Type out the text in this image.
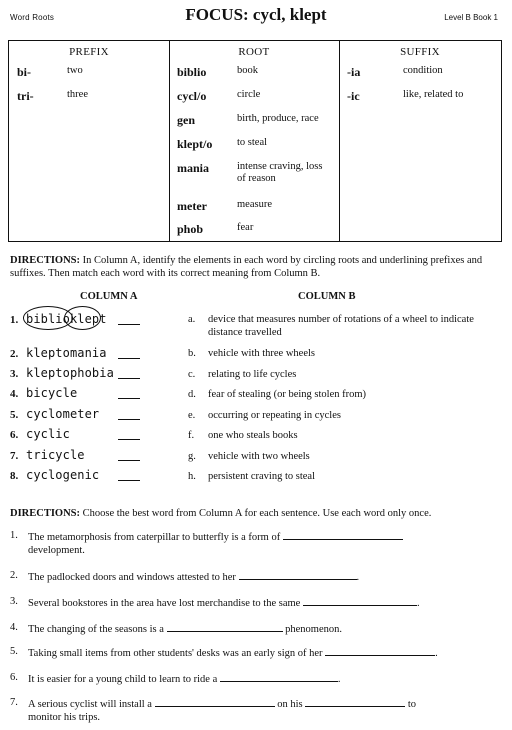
Word Roots	FOCUS: cycl, klept	Level B Book 1
PREFIX
bi-	two
tri-	three
ROOT
biblio	book
cycl/o	circle
gen	birth, produce, race
klept/o to steal
mania	intense craving, loss of reason
meter	measure
phob	fear
SUFFIX
-ia	condition
-ic	like, related to
DIRECTIONS: In Column A, identify the elements in each word by circling roots and underlining prefixes and suffixes. Then match each word with its correct meaning from Column B.
COLUMN A	COLUMN B
1. biblioklept
2. kleptomania
3. kleptophobia
4. bicycle
5. cyclometer
6. cyclic
7. tricycle
8. cyclogenic
a. device that measures number of rotations of a wheel to indicate distance travelled
b. vehicle with three wheels
c. relating to life cycles
d. fear of stealing (or being stolen from)
e. occurring or repeating in cycles
f. one who steals books
g. vehicle with two wheels
h. persistent craving to steal
DIRECTIONS: Choose the best word from Column A for each sentence. Use each word only once.
1. The metamorphosis from caterpillar to butterfly is a form of
development.
2. The padlocked doors and windows attested to her	.
3. Several bookstores in the area have lost merchandise to the same	.
4. The changing of the seasons is a	phenomenon.
5. Taking small items from other students' desks was an early sign of her	.
6. It is easier for a young child to learn to ride a	.
7. A serious cyclist will install a	on his	to
monitor his trips.
